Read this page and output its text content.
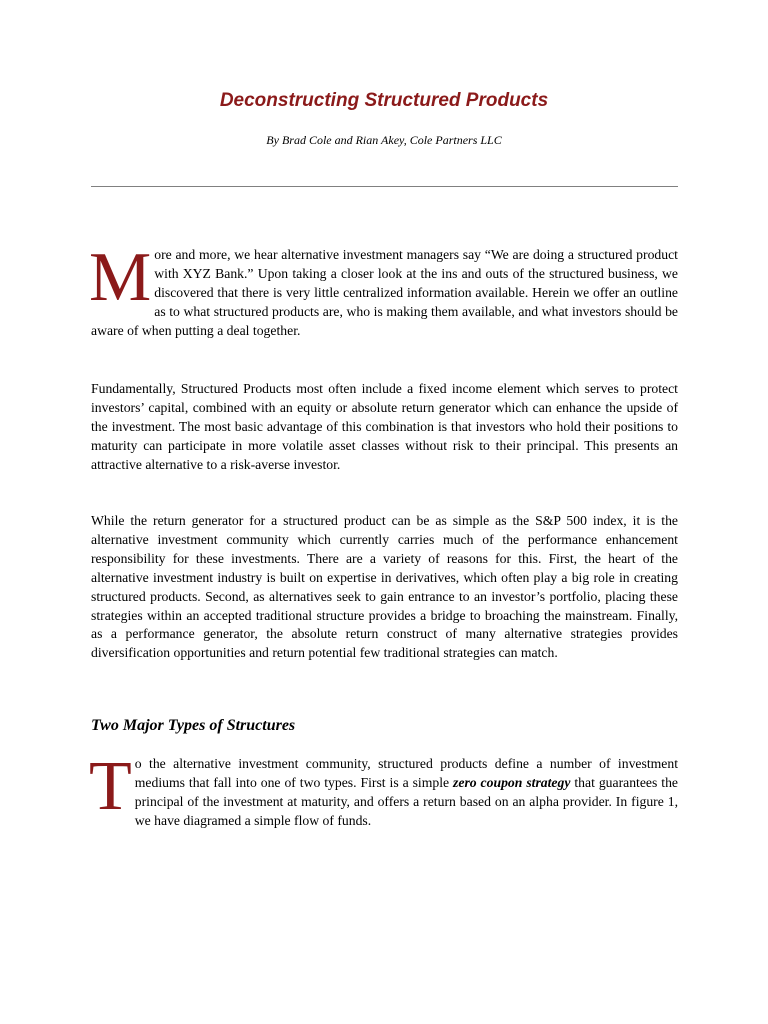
Deconstructing Structured Products
By Brad Cole and Rian Akey, Cole Partners LLC

More and more, we hear alternative investment managers say “We are doing a structured product with XYZ Bank.” Upon taking a closer look at the ins and outs of the structured business, we discovered that there is very little centralized information available. Herein we offer an outline as to what structured products are, who is making them available, and what investors should be aware of when putting a deal together.

Fundamentally, Structured Products most often include a fixed income element which serves to protect investors’ capital, combined with an equity or absolute return generator which can enhance the upside of the investment. The most basic advantage of this combination is that investors who hold their positions to maturity can participate in more volatile asset classes without risk to their principal. This presents an attractive alternative to a risk-averse investor.

While the return generator for a structured product can be as simple as the S&P 500 index, it is the alternative investment community which currently carries much of the performance enhancement responsibility for these investments. There are a variety of reasons for this. First, the heart of the alternative investment industry is built on expertise in derivatives, which often play a big role in creating structured products. Second, as alternatives seek to gain entrance to an investor’s portfolio, placing these strategies within an accepted traditional structure provides a bridge to broaching the mainstream. Finally, as a performance generator, the absolute return construct of many alternative strategies provides diversification opportunities and return potential few traditional strategies can match.

Two Major Types of Structures

To the alternative investment community, structured products define a number of investment mediums that fall into one of two types. First is a simple zero coupon strategy that guarantees the principal of the investment at maturity, and offers a return based on an alpha provider. In figure 1, we have diagramed a simple flow of funds.
